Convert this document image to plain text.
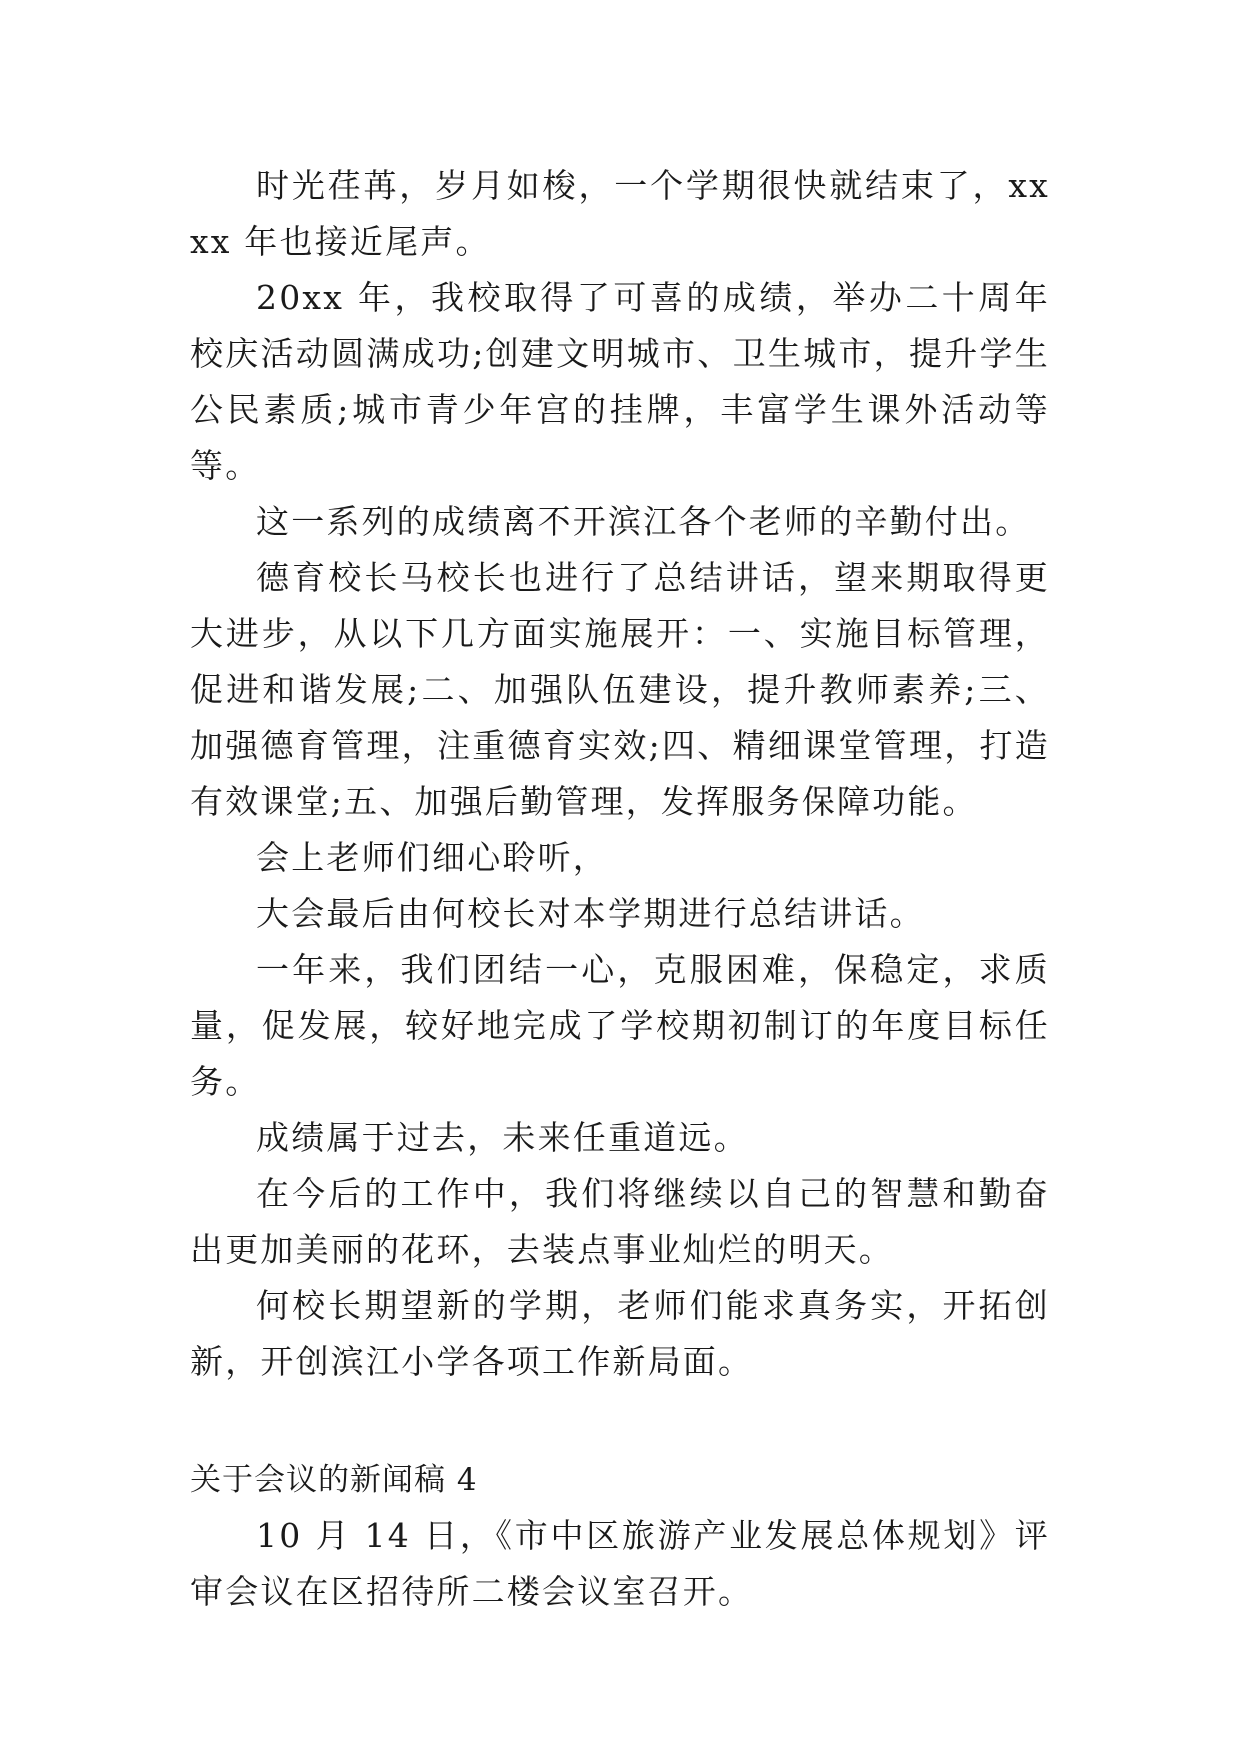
时光荏苒，岁月如梭，一个学期很快就结束了，xxxx 年也接近尾声。

20xx 年，我校取得了可喜的成绩，举办二十周年校庆活动圆满成功;创建文明城市、卫生城市，提升学生公民素质;城市青少年宫的挂牌，丰富学生课外活动等等。

这一系列的成绩离不开滨江各个老师的辛勤付出。

德育校长马校长也进行了总结讲话，望来期取得更大进步，从以下几方面实施展开：一、实施目标管理，促进和谐发展;二、加强队伍建设，提升教师素养;三、加强德育管理，注重德育实效;四、精细课堂管理，打造有效课堂;五、加强后勤管理，发挥服务保障功能。

会上老师们细心聆听，

大会最后由何校长对本学期进行总结讲话。

一年来，我们团结一心，克服困难，保稳定，求质量，促发展，较好地完成了学校期初制订的年度目标任务。

成绩属于过去，未来任重道远。

在今后的工作中，我们将继续以自己的智慧和勤奋出更加美丽的花环，去装点事业灿烂的明天。

何校长期望新的学期，老师们能求真务实，开拓创新，开创滨江小学各项工作新局面。

关于会议的新闻稿 4

10 月 14 日，《市中区旅游产业发展总体规划》评审会议在区招待所二楼会议室召开。
